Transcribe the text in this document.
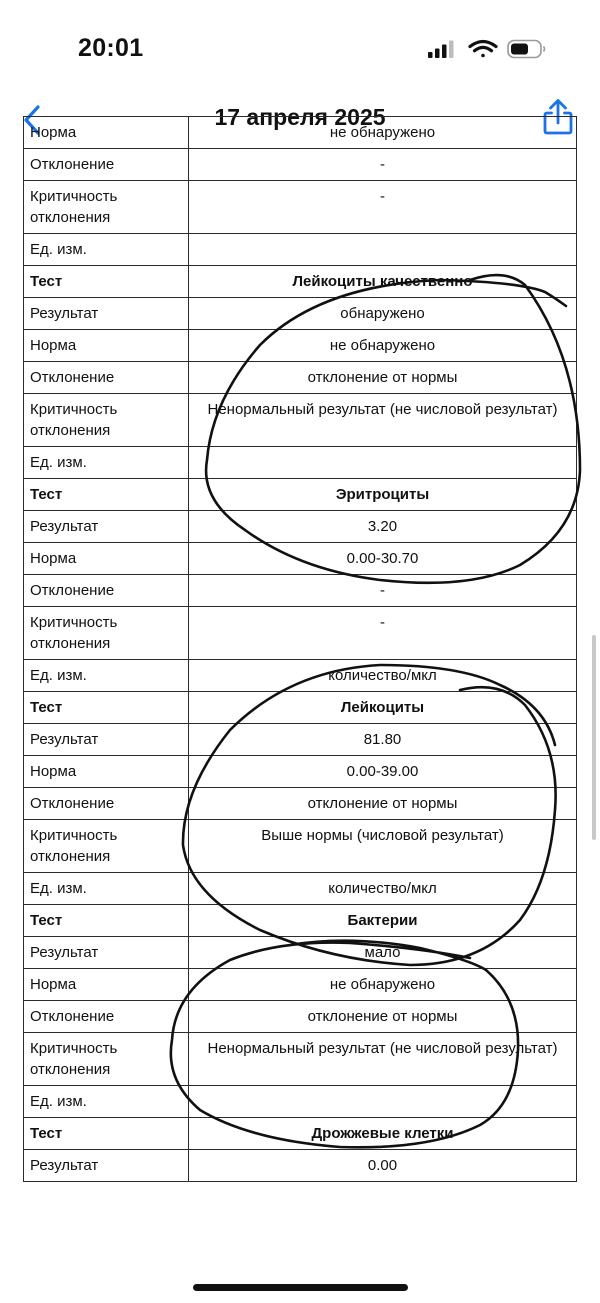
20:01
17 апреля 2025
Норма	не обнаружено
Отклонение	-
Критичность отклонения	-
Ед. изм.	
Тест	Лейкоциты качественно
Результат	обнаружено
Норма	не обнаружено
Отклонение	отклонение от нормы
Критичность отклонения	Ненормальный результат (не числовой результат)
Ед. изм.	
Тест	Эритроциты
Результат	3.20
Норма	0.00-30.70
Отклонение	-
Критичность отклонения	-
Ед. изм.	количество/мкл
Тест	Лейкоциты
Результат	81.80
Норма	0.00-39.00
Отклонение	отклонение от нормы
Критичность отклонения	Выше нормы (числовой результат)
Ед. изм.	количество/мкл
Тест	Бактерии
Результат	мало
Норма	не обнаружено
Отклонение	отклонение от нормы
Критичность отклонения	Ненормальный результат (не числовой результат)
Ед. изм.	
Тест	Дрожжевые клетки
Результат	0.00
